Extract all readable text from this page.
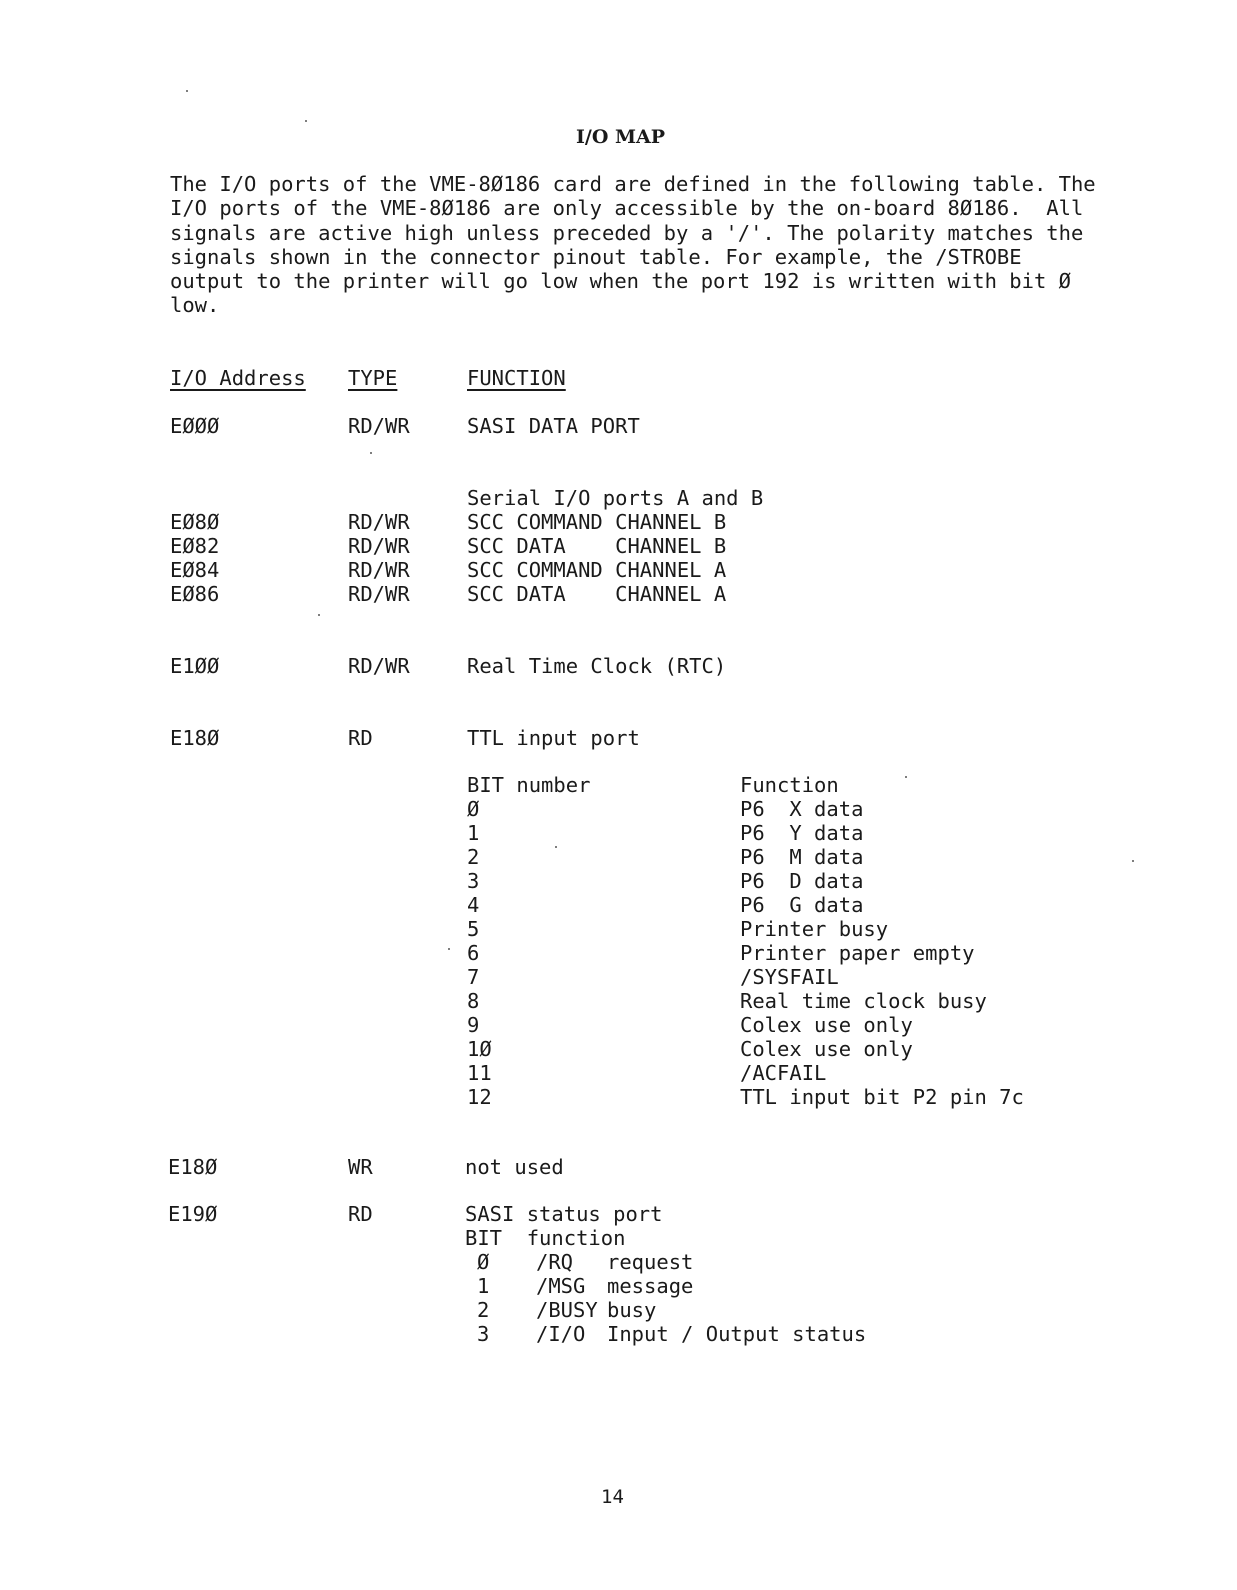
I/O MAP
The I/O ports of the VME-8Ø186 card are defined in the following table. The
I/O ports of the VME-8Ø186 are only accessible by the on-board 8Ø186.  All
signals are active high unless preceded by a '/'. The polarity matches the
signals shown in the connector pinout table. For example, the /STROBE
output to the printer will go low when the port 192 is written with bit Ø
low.
I/O Address TYPE	FUNCTION
EØØØ	RD/WR	SASI DATA PORT
Serial I/O ports A and B
EØ8Ø	RD/WR	SCC COMMAND CHANNEL B
EØ82	RD/WR	SCC DATA    CHANNEL B
EØ84	RD/WR	SCC COMMAND CHANNEL A
EØ86	RD/WR	SCC DATA    CHANNEL A
E1ØØ	RD/WR	Real Time Clock (RTC)
E18Ø	RD	TTL input port
BIT number	Function
Ø	P6  X data
1	P6  Y data
2	P6  M data
3	P6  D data
4	P6  G data
5	Printer busy
6	Printer paper empty
7	/SYSFAIL
8	Real time clock busy
9	Colex use only
1Ø	Colex use only
11	/ACFAIL
12	TTL input bit P2 pin 7c
E18Ø	WR	not used
E19Ø	RD	SASI status port
BIT  function
Ø /RQ request
1 /MSG message
2 /BUSY busy
3 /I/O Input / Output status
14
